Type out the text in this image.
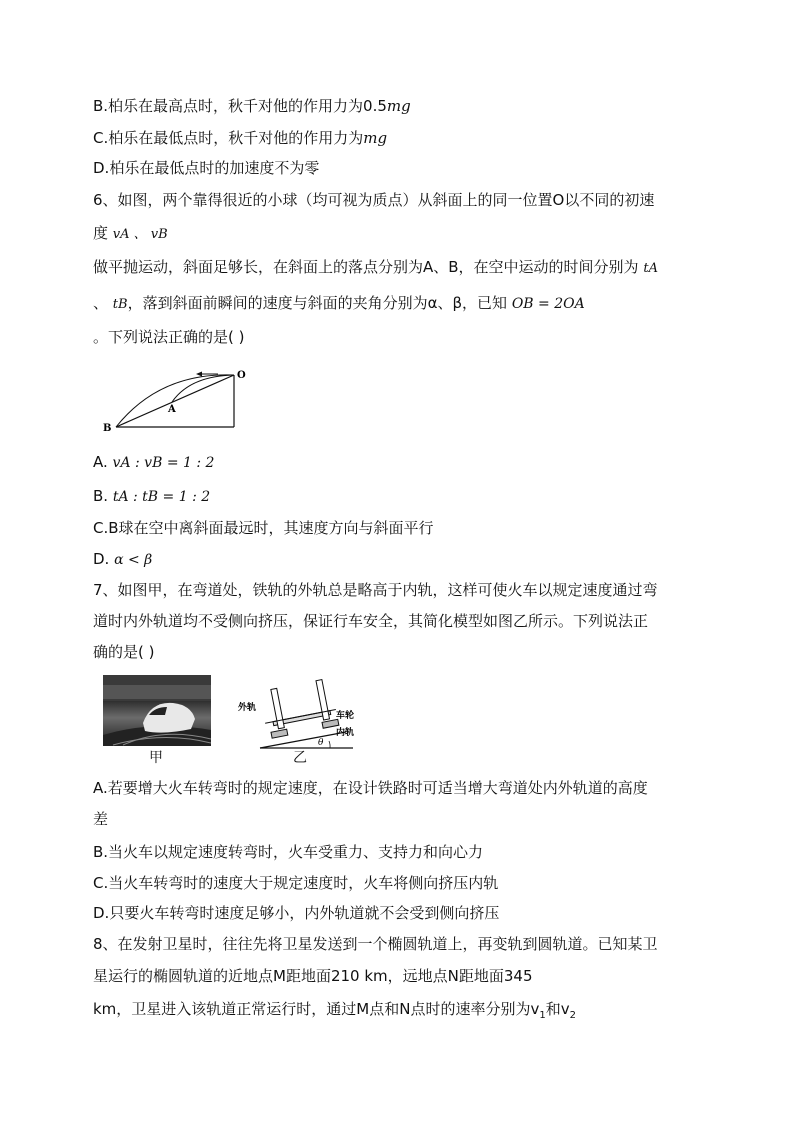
B.柏乐在最高点时，秋千对他的作用力为0.5mg
C.柏乐在最低点时，秋千对他的作用力为mg
D.柏乐在最低点时的加速度不为零
6、如图，两个靠得很近的小球（均可视为质点）从斜面上的同一位置O以不同的初速
度 vA 、 vB
做平抛运动，斜面足够长，在斜面上的落点分别为A、B，在空中运动的时间分别为 tA
、 tB，落到斜面前瞬间的速度与斜面的夹角分别为α、β，已知 OB = 2OA
。下列说法正确的是( )
O
A
B
A. vA : vB = 1 : 2
B. tA : tB = 1 : 2
C.B球在空中离斜面最远时，其速度方向与斜面平行
D. α < β
7、如图甲，在弯道处，铁轨的外轨总是略高于内轨，这样可使火车以规定速度通过弯
道时内外轨道均不受侧向挤压，保证行车安全，其简化模型如图乙所示。下列说法正
确的是( )
甲
θ
外轨
车轮
内轨
乙
A.若要增大火车转弯时的规定速度，在设计铁路时可适当增大弯道处内外轨道的高度
差
B.当火车以规定速度转弯时，火车受重力、支持力和向心力
C.当火车转弯时的速度大于规定速度时，火车将侧向挤压内轨
D.只要火车转弯时速度足够小，内外轨道就不会受到侧向挤压
8、在发射卫星时，往往先将卫星发送到一个椭圆轨道上，再变轨到圆轨道。已知某卫
星运行的椭圆轨道的近地点M距地面210 km，远地点N距地面345
km，卫星进入该轨道正常运行时，通过M点和N点时的速率分别为$v_1$和$v_2$
